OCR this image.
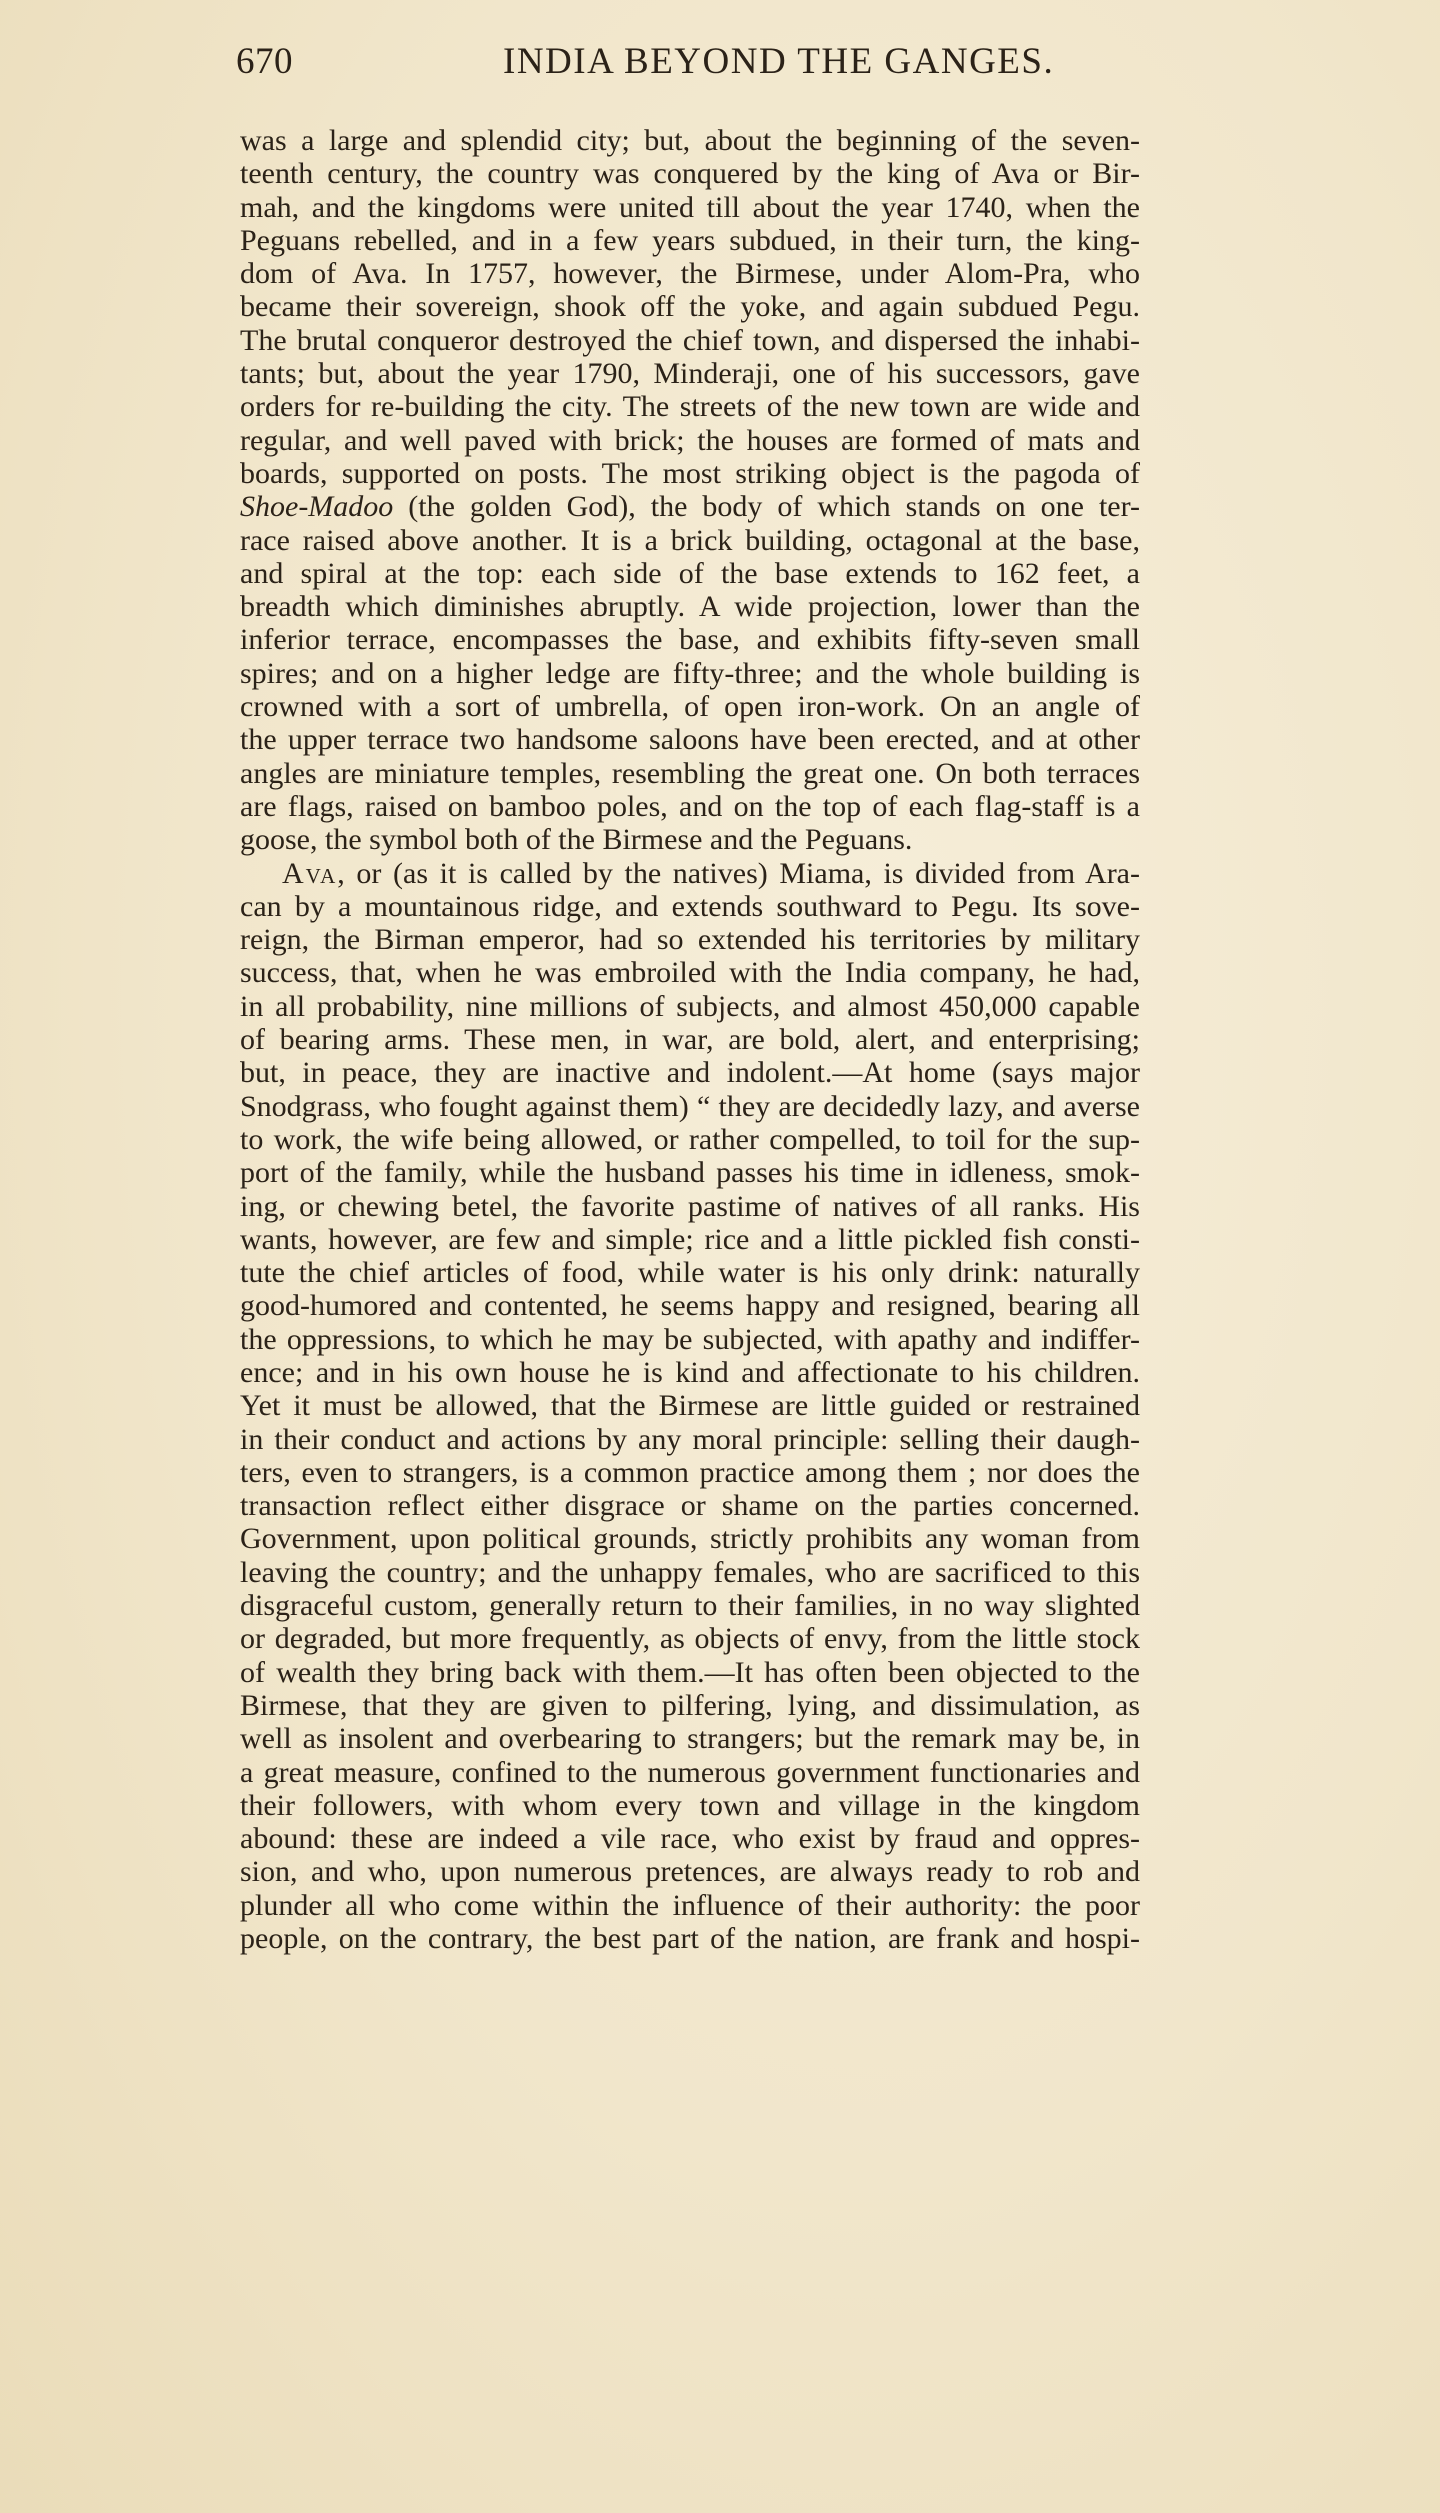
670	INDIA BEYOND THE GANGES.
was a large and splendid city; but, about the beginning of the seven-
teenth century, the country was conquered by the king of Ava or Bir-
mah, and the kingdoms were united till about the year 1740, when the
Peguans rebelled, and in a few years subdued, in their turn, the king-
dom of Ava. In 1757, however, the Birmese, under Alom-Pra, who
became their sovereign, shook off the yoke, and again subdued Pegu.
The brutal conqueror destroyed the chief town, and dispersed the inhabi-
tants; but, about the year 1790, Minderaji, one of his successors, gave
orders for re-building the city. The streets of the new town are wide and
regular, and well paved with brick; the houses are formed of mats and
boards, supported on posts. The most striking object is the pagoda of
Shoe-Madoo (the golden God), the body of which stands on one ter-
race raised above another. It is a brick building, octagonal at the base,
and spiral at the top: each side of the base extends to 162 feet, a
breadth which diminishes abruptly. A wide projection, lower than the
inferior terrace, encompasses the base, and exhibits fifty-seven small
spires; and on a higher ledge are fifty-three; and the whole building is
crowned with a sort of umbrella, of open iron-work. On an angle of
the upper terrace two handsome saloons have been erected, and at other
angles are miniature temples, resembling the great one. On both terraces
are flags, raised on bamboo poles, and on the top of each flag-staff is a
goose, the symbol both of the Birmese and the Peguans.
Ava, or (as it is called by the natives) Miama, is divided from Ara-
can by a mountainous ridge, and extends southward to Pegu. Its sove-
reign, the Birman emperor, had so extended his territories by military
success, that, when he was embroiled with the India company, he had,
in all probability, nine millions of subjects, and almost 450,000 capable
of bearing arms. These men, in war, are bold, alert, and enterprising;
but, in peace, they are inactive and indolent.—At home (says major
Snodgrass, who fought against them) “ they are decidedly lazy, and averse
to work, the wife being allowed, or rather compelled, to toil for the sup-
port of the family, while the husband passes his time in idleness, smok-
ing, or chewing betel, the favorite pastime of natives of all ranks. His
wants, however, are few and simple; rice and a little pickled fish consti-
tute the chief articles of food, while water is his only drink: naturally
good-humored and contented, he seems happy and resigned, bearing all
the oppressions, to which he may be subjected, with apathy and indiffer-
ence; and in his own house he is kind and affectionate to his children.
Yet it must be allowed, that the Birmese are little guided or restrained
in their conduct and actions by any moral principle: selling their daugh-
ters, even to strangers, is a common practice among them ; nor does the
transaction reflect either disgrace or shame on the parties concerned.
Government, upon political grounds, strictly prohibits any woman from
leaving the country; and the unhappy females, who are sacrificed to this
disgraceful custom, generally return to their families, in no way slighted
or degraded, but more frequently, as objects of envy, from the little stock
of wealth they bring back with them.—It has often been objected to the
Birmese, that they are given to pilfering, lying, and dissimulation, as
well as insolent and overbearing to strangers; but the remark may be, in
a great measure, confined to the numerous government functionaries and
their followers, with whom every town and village in the kingdom
abound: these are indeed a vile race, who exist by fraud and oppres-
sion, and who, upon numerous pretences, are always ready to rob and
plunder all who come within the influence of their authority: the poor
people, on the contrary, the best part of the nation, are frank and hospi-
